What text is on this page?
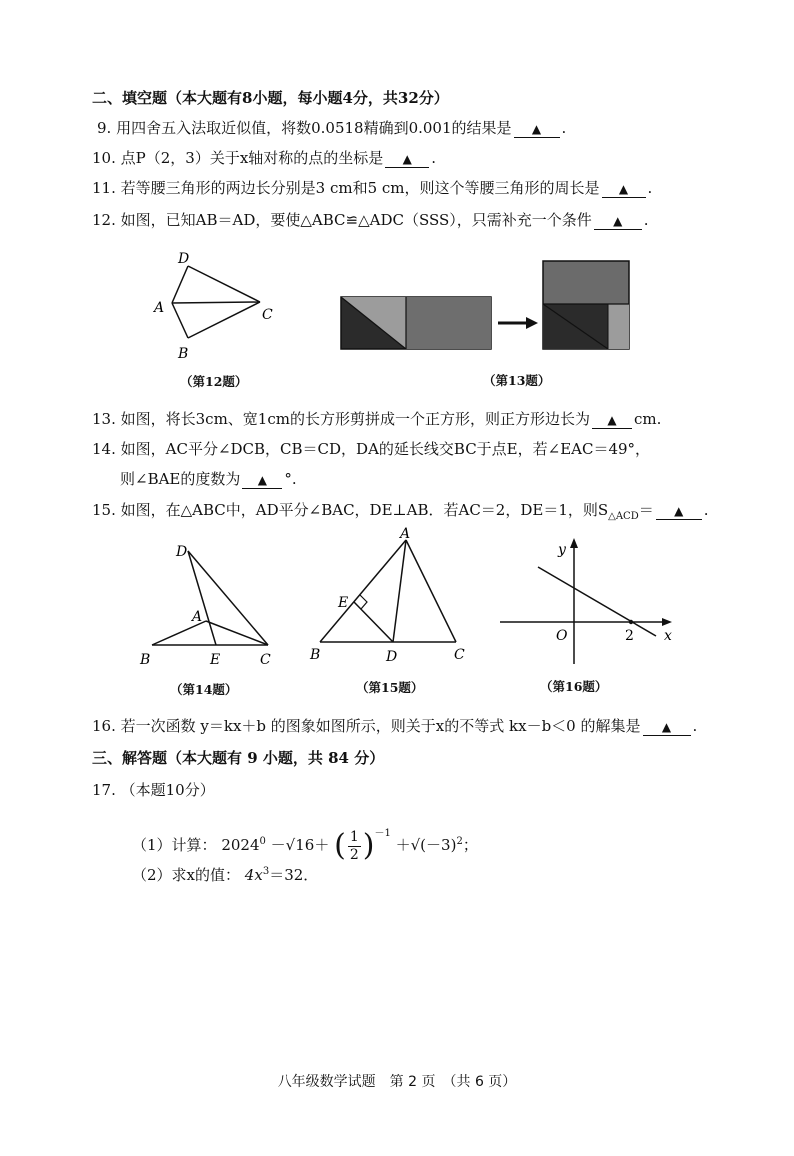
二、填空题（本大题有8小题，每小题4分，共32分）
9. 用四舍五入法取近似值，将数0.0518精确到0.001的结果是 ▲ .
10. 点P（2，3）关于x轴对称的点的坐标是 ▲ .
11. 若等腰三角形的两边长分别是3 cm和5 cm，则这个等腰三角形的周长是 ▲ .
12. 如图，已知AB＝AD，要使△ABC≌△ADC（SSS），只需补充一个条件 ▲ .
D
A	C
B
（第12题）	（第13题）
13. 如图，将长3cm、宽1cm的长方形剪拼成一个正方形，则正方形边长为 ▲ cm.
14. 如图，AC平分∠DCB，CB＝CD，DA的延长线交BC于点E，若∠EAC＝49°，
则∠BAE的度数为 ▲ °.
15. 如图，在△ABC中，AD平分∠BAC，DE⊥AB．若AC＝2，DE＝1，则$S_{\triangle ACD}=$ ▲ .
D
A
B	E	C
（第14题）
A
E
B	D	C
（第15题）
y
x
O	2
（第16题）
16. 若一次函数 y＝kx＋b 的图象如图所示，则关于x的不等式 kx－b＜0 的解集是 ▲ .
三、解答题（本大题有 9 小题，共 84 分）
17. （本题10分）
（1）计算： $2024^0 -√16+$ ( $\frac{1}{2} )^{-1} +√(-3)^2$；
（2）求x的值： $4x^3=32$．
八年级数学试题　第 2 页　（共 6 页）
